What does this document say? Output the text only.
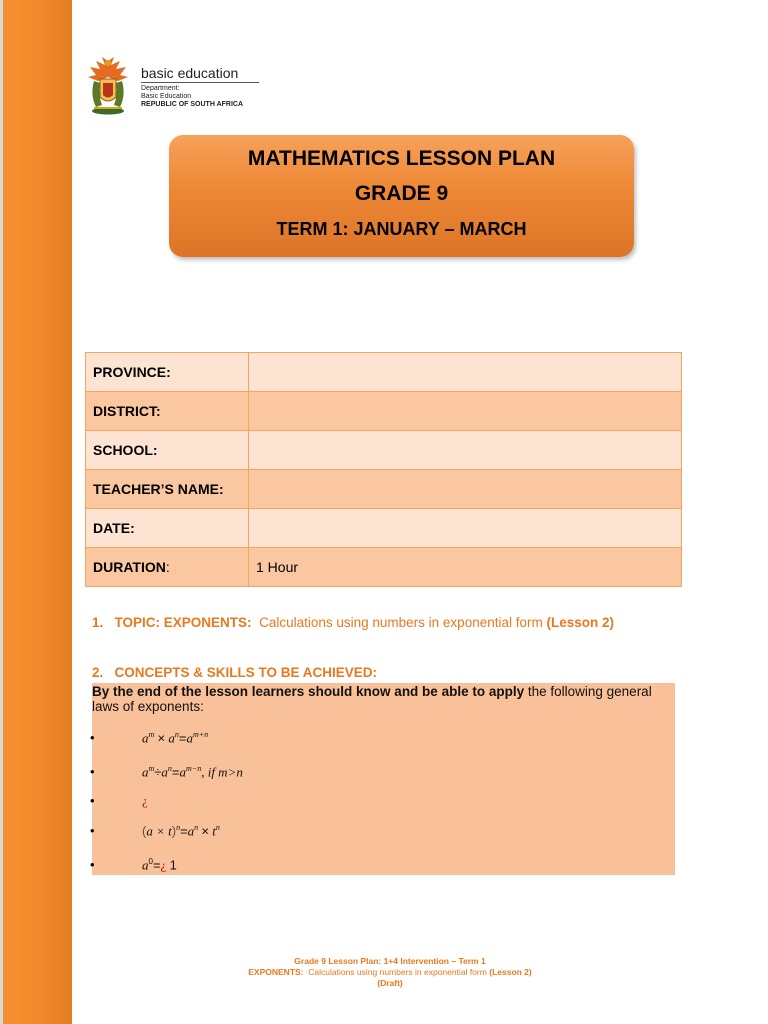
basic education
Department:
Basic Education
REPUBLIC OF SOUTH AFRICA
MATHEMATICS LESSON PLAN
GRADE 9
TERM 1: JANUARY – MARCH
PROVINCE:	
DISTRICT:	
SCHOOL:	
TEACHER’S NAME:	
DATE:	
DURATION:	1 Hour
1. TOPIC: EXPONENTS: Calculations using numbers in exponential form (Lesson 2)
2. CONCEPTS & SKILLS TO BE ACHIEVED:
By the end of the lesson learners should know and be able to apply the following general laws of exponents:
•	$a^m \times a^n=a^{m+n}$
•	$a^m\div a^n=a^{m-n}$, if m>n
•	¿
•	$(a \times t)^n=a^n \times t^n$
•	$a^0=¿$ 1
Grade 9 Lesson Plan: 1+4 Intervention – Term 1
EXPONENTS: Calculations using numbers in exponential form (Lesson 2)
(Draft)
